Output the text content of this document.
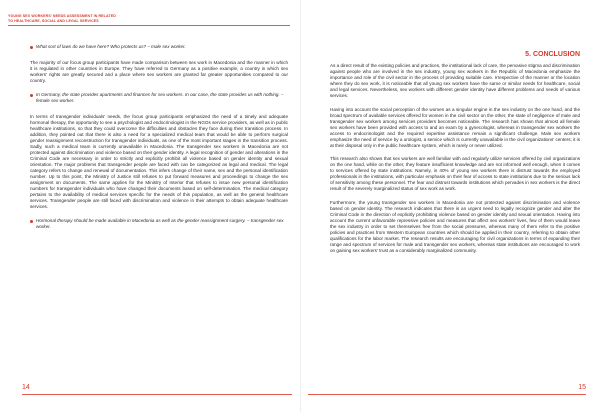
YOUNG SEX WORKERS' NEEDS ASSESSMENT IN RELATED
TO HEALTHCARE, SOCIAL AND LEGAL SERVICES
What sort of laws do we have here? Who protects us? – male sex worker.

The majority of our focus group participants have made comparison between sex work in Macedonia and the manner in which it is regulated in other countries in Europe. They have referred to Germany as a positive example, a country in which sex workers' rights are greatly secured and a place where sex workers are granted far greater opportunities compared to our country.

In Germany, the state provides apartments and finances for sex workers. In our case, the state provides us with nothing. – female sex worker.

In terms of transgender individuals' needs, the focus group participants emphasized the need of a timely and adequate hormonal therapy, the opportunity to see a psychologist and endocrinologist in the NGOs service providers, as well as in public healthcare institutions, so that they could overcome the difficulties and obstacles they face during their transition process. In addition, they pointed out that there is also a need for a specialized medical team that would be able to perform surgical gender reassignment reconstruction for transgender individuals, as one of the most important stages in the transition process. Sadly, such a medical team is currently unavailable in Macedonia. The transgender sex workers in Macedonia are not protected against discrimination and violence based on their gender identity. A legal recognition of gender and alterations in the Criminal Code are necessary in order to strictly and explicitly prohibit all violence based on gender identity and sexual orientation. The major problems that transgender people are faced with can be categorized as legal and medical. The legal category refers to change and renewal of documentation. This infers change of their name, sex and the personal identification number. Up to this point, the Ministry of Justice still refuses to put forward measures and proceedings to change the sex assignment on documents. The same applies for the Ministry of Interior that refuses to issue new personal identification numbers for transgender individuals who have changed their documents based on self-determination. The medical category pertains to the availability of medical services specific for the needs of this population, as well as the general healthcare services. Transgender people are still faced with discrimination and violence in their attempts to obtain adequate healthcare services.

Hormonal therapy should be made available in Macedonia as well as the gender reassignment surgery. – transgender sex worker.
14
5. CONCLUSION

As a direct result of the existing policies and practices, the institutional lack of care, the pervasive stigma and discrimination against people who are involved in the sex industry, young sex workers in the Republic of Macedonia emphasize the importance and role of the civil sector in the process of providing suitable care. Irrespective of the manner or the location where they do sex work, it is noticeable that all young sex workers have the same or similar needs for healthcare, social and legal services. Nevertheless, sex workers with different gender identity have different problems and needs of various services.

Having into account the social perception of the women as a singular engine in the sex industry on the one hand, and the broad spectrum of available services offered for women in the civil sector on the other, the state of negligence of male and transgender sex workers among services providers becomes noticeable. The research has shown that almost all female sex workers have been provided with access to and an exam by a gynecologist, whereas in transgender sex workers the access to endocrinologist and the required expertise assistance remain a significant challenge. Male sex workers emphasize the need of service by a urologist, a service which is currently unavailable in the civil organizations' centers; it is at their disposal only in the public healthcare system, which is rarely or never utilized.

This research also shows that sex workers are well familiar with and regularly utilize services offered by civil organizations on the one hand, while on the other, they feature insufficient knowledge and are not informed well enough, when it comes to services offered by state institutions. Namely, in 40% of young sex workers there is distrust towards the employed professionals in the institutions, with particular emphasis on their fear of access to state institutions due to the serious lack of sensitivity among these personnel. The fear and distrust towards institutions which pervades in sex workers is the direct result of the severely marginalized status of sex work as work.

Furthermore, the young transgender sex workers in Macedonia are not protected against discrimination and violence based on gender identity. The research indicates that there is an urgent need to legally recognize gender and alter the Criminal Code in the direction of explicitly prohibiting violence based on gender identity and sexual orientation. Having into account the current unfavorable repressive policies and measures that affect sex workers' lives, few of them would leave the sex industry in order to set themselves free from the social pressures, whereas many of them refer to the positive policies and practices from Western European countries which should be applied in their country, referring to obtain other qualifications for the labor market. The research results are encouraging for civil organizations in terms of expanding their range and spectrum of services for male and transgender sex workers, whereas state institutions are encouraged to work on gaining sex workers' trust as a considerably marginalized community.

15
